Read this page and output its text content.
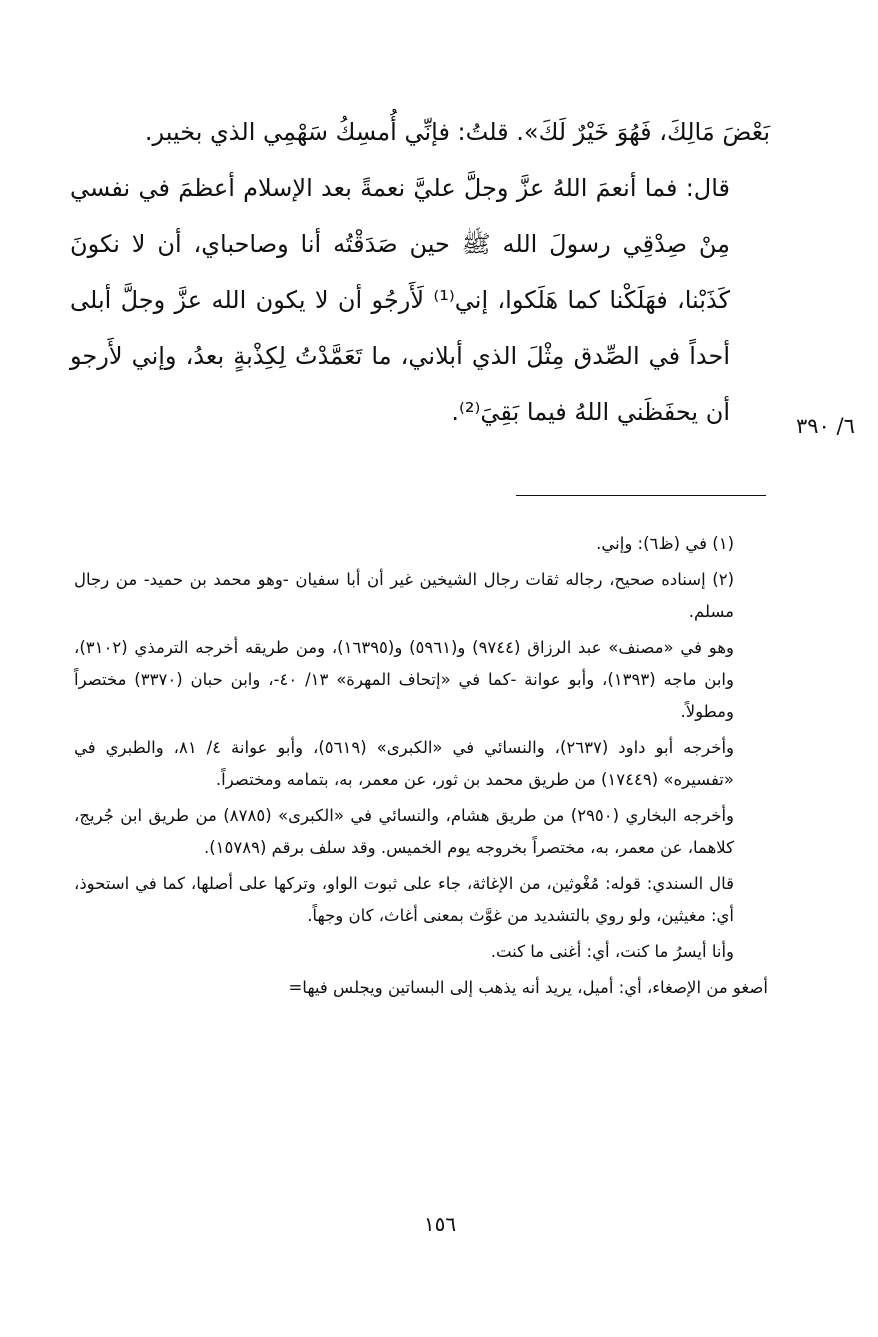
بَعْضَ مَالِكَ، فَهُوَ خَيْرٌ لَكَ». قلتُ: فإنِّي أُمسِكُ سَهْمِي الذي بخيبر.

قال: فما أنعمَ اللهُ عزَّ وجلَّ عليَّ نعمةً بعد الإسلام أعظمَ في نفسي مِنْ صِدْقِي رسولَ الله ﷺ حين صَدَقْتُه أنا وصاحباي، أن لا نكونَ كَذَبْنا، فهَلَكْنا كما هَلَكوا، إني⁽¹⁾ لَأَرجُو أن لا يكون الله عزَّ وجلَّ أبلى أحداً في الصِّدق مِثْلَ الذي أبلاني، ما تَعَمَّدْتُ لِكِذْبةٍ بعدُ، وإني لأَرجو أن يحفَظَني اللهُ فيما بَقِيَ⁽²⁾.	٦/ ٣٩٠

(١) في (ظ٦): وإني.

(٢) إسناده صحيح، رجاله ثقات رجال الشيخين غير أن أبا سفيان -وهو محمد بن حميد- من رجال مسلم.

وهو في «مصنف» عبد الرزاق (٩٧٤٤) و(٥٩٦١) و(١٦٣٩٥)، ومن طريقه أخرجه الترمذي (٣١٠٢)، وابن ماجه (١٣٩٣)، وأبو عوانة -كما في «إتحاف المهرة» ١٣/ ٤٠-، وابن حبان (٣٣٧٠) مختصراً ومطولاً.

وأخرجه أبو داود (٢٦٣٧)، والنسائي في «الكبرى» (٥٦١٩)، وأبو عوانة ٤/ ٨١، والطبري في «تفسيره» (١٧٤٤٩) من طريق محمد بن ثور، عن معمر، به، بتمامه ومختصراً.

وأخرجه البخاري (٢٩٥٠) من طريق هشام، والنسائي في «الكبرى» (٨٧٨٥) من طريق ابن جُريج، كلاهما، عن معمر، به، مختصراً بخروجه يوم الخميس. وقد سلف برقم (١٥٧٨٩).

قال السندي: قوله: مُغْوثين، من الإغاثة، جاء على ثبوت الواو، وتركها على أصلها، كما في استحوذ، أي: مغيثين، ولو روي بالتشديد من غوَّث بمعنى أغاث، كان وجهاً.

وأنا أيسرُ ما كنت، أي: أغنى ما كنت.

أصغو من الإصغاء، أي: أميل، يريد أنه يذهب إلى البساتين ويجلس فيها=

١٥٦
